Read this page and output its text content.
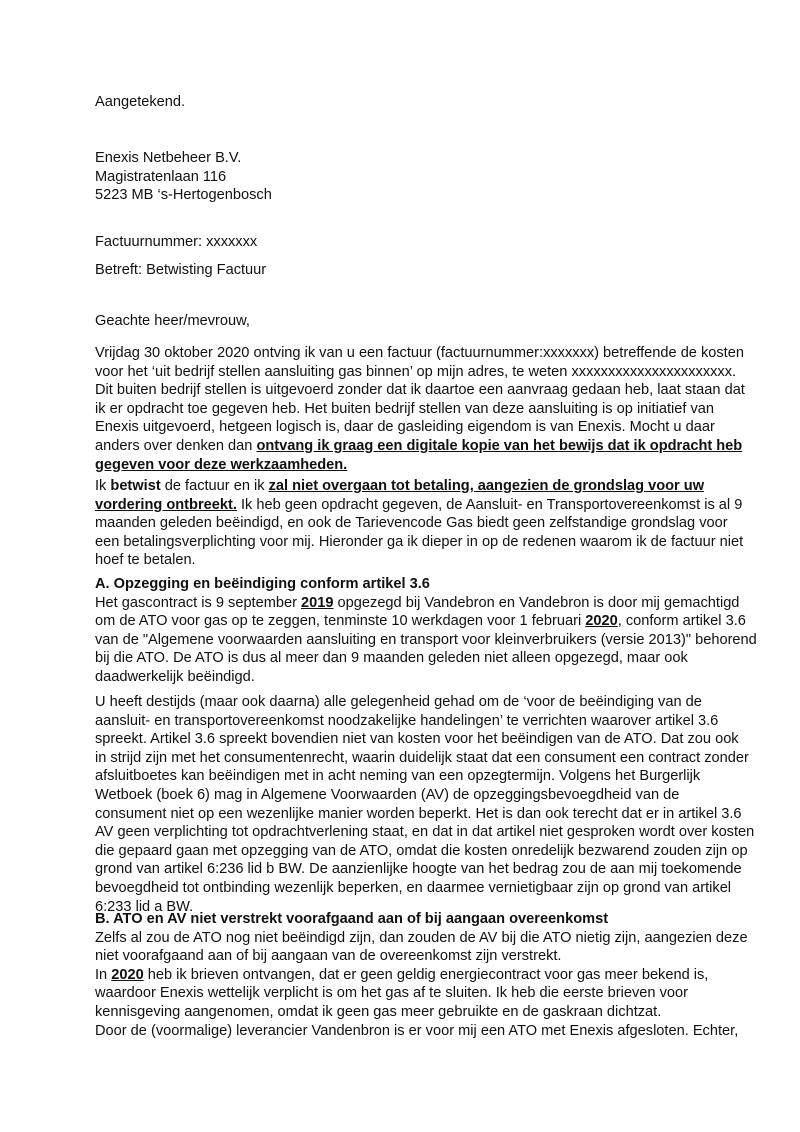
Aangetekend.
Enexis Netbeheer B.V.
Magistratenlaan 116
5223 MB ‘s-Hertogenbosch
Factuurnummer: xxxxxxx
Betreft: Betwisting Factuur
Geachte heer/mevrouw,
Vrijdag 30 oktober 2020 ontving ik van u een factuur (factuurnummer:xxxxxxx) betreffende de kosten
voor het ‘uit bedrijf stellen aansluiting gas binnen’ op mijn adres, te weten xxxxxxxxxxxxxxxxxxxxxx.
Dit buiten bedrijf stellen is uitgevoerd zonder dat ik daartoe een aanvraag gedaan heb, laat staan dat
ik er opdracht toe gegeven heb. Het buiten bedrijf stellen van deze aansluiting is op initiatief van
Enexis uitgevoerd, hetgeen logisch is, daar de gasleiding eigendom is van Enexis. Mocht u daar
anders over denken dan ontvang ik graag een digitale kopie van het bewijs dat ik opdracht heb
gegeven voor deze werkzaamheden.
Ik betwist de factuur en ik zal niet overgaan tot betaling, aangezien de grondslag voor uw
vordering ontbreekt. Ik heb geen opdracht gegeven, de Aansluit- en Transportovereenkomst is al 9
maanden geleden beëindigd, en ook de Tarievencode Gas biedt geen zelfstandige grondslag voor
een betalingsverplichting voor mij. Hieronder ga ik dieper in op de redenen waarom ik de factuur niet
hoef te betalen.
A. Opzegging en beëindiging conform artikel 3.6
Het gascontract is 9 september 2019 opgezegd bij Vandebron en Vandebron is door mij gemachtigd
om de ATO voor gas op te zeggen, tenminste 10 werkdagen voor 1 februari 2020, conform artikel 3.6
van de "Algemene voorwaarden aansluiting en transport voor kleinverbruikers (versie 2013)" behorend
bij die ATO. De ATO is dus al meer dan 9 maanden geleden niet alleen opgezegd, maar ook
daadwerkelijk beëindigd.
U heeft destijds (maar ook daarna) alle gelegenheid gehad om de ‘voor de beëindiging van de
aansluit- en transportovereenkomst noodzakelijke handelingen’ te verrichten waarover artikel 3.6
spreekt. Artikel 3.6 spreekt bovendien niet van kosten voor het beëindigen van de ATO. Dat zou ook
in strijd zijn met het consumentenrecht, waarin duidelijk staat dat een consument een contract zonder
afsluitboetes kan beëindigen met in acht neming van een opzegtermijn. Volgens het Burgerlijk
Wetboek (boek 6) mag in Algemene Voorwaarden (AV) de opzeggingsbevoegdheid van de
consument niet op een wezenlijke manier worden beperkt. Het is dan ook terecht dat er in artikel 3.6
AV geen verplichting tot opdrachtverlening staat, en dat in dat artikel niet gesproken wordt over kosten
die gepaard gaan met opzegging van de ATO, omdat die kosten onredelijk bezwarend zouden zijn op
grond van artikel 6:236 lid b BW. De aanzienlijke hoogte van het bedrag zou de aan mij toekomende
bevoegdheid tot ontbinding wezenlijk beperken, en daarmee vernietigbaar zijn op grond van artikel
6:233 lid a BW.
B. ATO en AV niet verstrekt voorafgaand aan of bij aangaan overeenkomst
Zelfs al zou de ATO nog niet beëindigd zijn, dan zouden de AV bij die ATO nietig zijn, aangezien deze
niet voorafgaand aan of bij aangaan van de overeenkomst zijn verstrekt.
In 2020 heb ik brieven ontvangen, dat er geen geldig energiecontract voor gas meer bekend is,
waardoor Enexis wettelijk verplicht is om het gas af te sluiten. Ik heb die eerste brieven voor
kennisgeving aangenomen, omdat ik geen gas meer gebruikte en de gaskraan dichtzat.
Door de (voormalige) leverancier Vandenbron is er voor mij een ATO met Enexis afgesloten. Echter,
